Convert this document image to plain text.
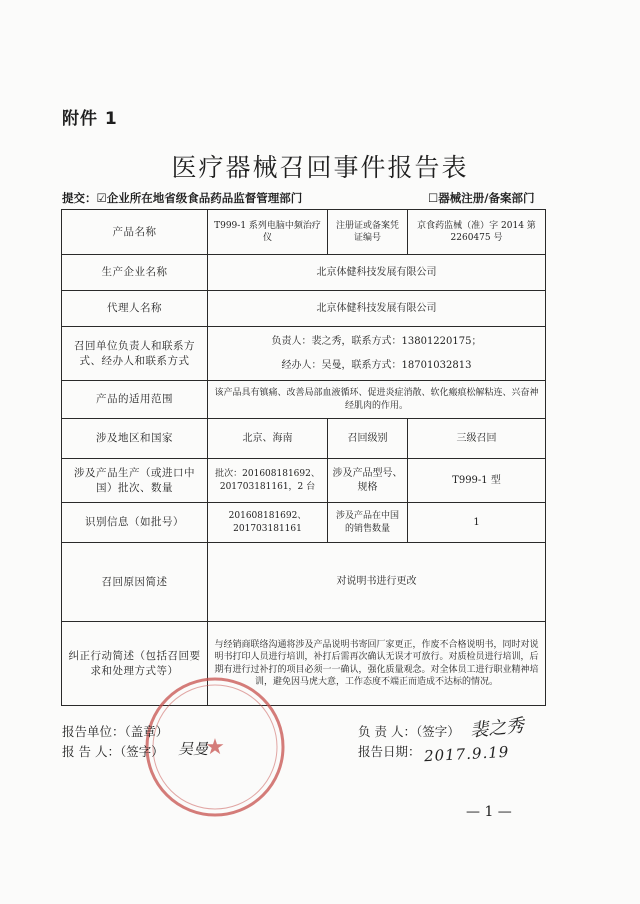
附件 1
医疗器械召回事件报告表
提交：☑企业所在地省级食品药品监督管理部门	☐器械注册/备案部门
产品名称	T999-1 系列电脑中频治疗仪	注册证或备案凭证编号	京食药监械（准）字 2014 第 2260475 号
生产企业名称	北京体健科技发展有限公司		
代理人名称	北京体健科技发展有限公司		
召回单位负责人和联系方式、经办人和联系方式	负责人：裴之秀，联系方式：13801220175；
经办人：吴曼，联系方式：18701032813		

产品的适用范围	该产品具有镇痛、改善局部血液循环、促进炎症消散、软化瘢痕松解粘连、兴奋神经肌肉的作用。		
涉及地区和国家	北京、海南	召回级别	三级召回
涉及产品生产（或进口中国）批次、数量	批次：201608181692、201703181161，2 台	涉及产品型号、规格	T999-1 型
识别信息（如批号）	201608181692、201703181161	涉及产品在中国的销售数量	1
召回原因简述	对说明书进行更改		
纠正行动简述（包括召回要求和处理方式等）	与经销商联络沟通将涉及产品说明书寄回厂家更正，作废不合格说明书，同时对说明书打印人员进行培训，补打后需再次确认无误才可放行。对质检员进行培训，后期有进行过补打的项目必须一一确认，强化质量观念。对全体员工进行职业精神培训，避免因马虎大意，工作态度不端正而造成不达标的情况。		
★
报告单位：（盖章）
报 告 人：（签字） 吴曼
负 责 人：（签字） 裴之秀
报告日期： 2017.9.19
— 1 —
